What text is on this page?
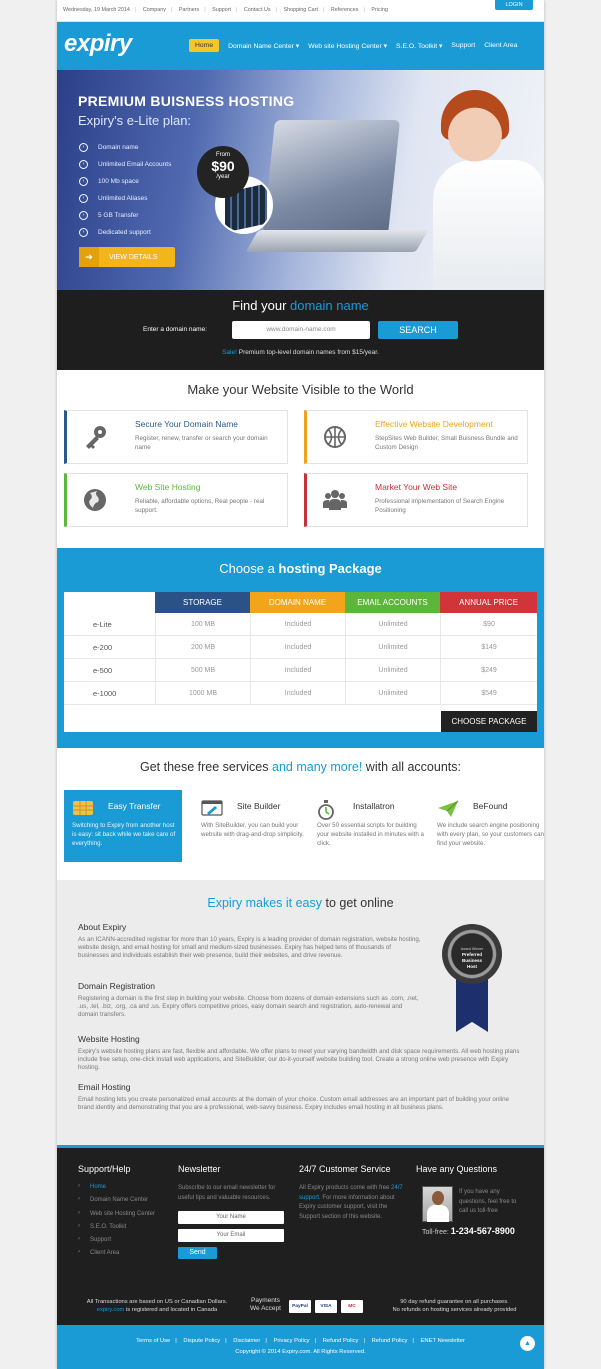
Wednesday, 19 March 2014 | Company | Partners | Support | Contact Us | Shopping Cart | References | Pricing
LOGIN
expiry	Home	Domain Name Center ▾ Web site Hosting Center ▾ S.E.O. Toolkit ▾ Support Client Area
PREMIUM BUISNESS HOSTING
Expiry's e-Lite plan:
›	Domain name
›	Unlimited Email Accounts
›	100 Mb space
›	Unlimited Aliases
›	5 GB Transfer
›	Dedicated support
From
$90
/year
➔	VIEW DETAILS
Find your domain name
Enter a domain name:	www.domain-name.com	SEARCH
Sale! Premium top-level domain names from $15/year.
Make your Website Visible to the World
Secure Your Domain Name
Register, renew, transfer or search your domain name
Effective Website Development
StepSites Web Builder, Small Buisness Bundle and Custom Design
Web Site Hosting
Reliable, affordable options, Real people - real support.
Market Your Web Site
Professional implementation of Search Engine Positioning
Choose a hosting Package
STORAGE	DOMAIN NAME	EMAIL ACCOUNTS	ANNUAL PRICE
e-Lite	100 MB	Included	Unlimited	$90
e-200	200 MB	Included	Unlimited	$149
e-500	500 MB	Included	Unlimited	$249
e-1000	1000 MB	Included	Unlimited	$549
CHOOSE PACKAGE
Get these free services and many more! with all accounts:
Easy Transfer
Switching to Expiry from another host is easy: sit back while we take care of everything.
Site Builder
With SiteBuilder, you can build your website with drag-and-drop simplicity.
Installatron
Over 50 essential scripts for building your website installed in minutes with a click.
BeFound
We include search engine positioning with every plan, so your customers can find your website.
Expiry makes it easy to get online
About Expiry

As an ICANN-accredited registrar for more than 10 years, Expiry is a leading provider of domain registration, website hosting, website design, and email hosting for small and medium-sized businesses. Expiry has helped tens of thousands of businesses and individuals establish their web presence, build their websites, and drive revenue.

Domain Registration

Registering a domain is the first step in building your website. Choose from dozens of domain extensions such as .com, .net, .us, .tel, .biz, .org, .ca and .us. Expiry offers competitive prices, easy domain search and registration, auto-renewal and domain transfers.

Website Hosting

Expiry's website hosting plans are fast, flexible and affordable. We offer plans to meet your varying bandwidth and disk space requirements. All web hosting plans include free setup, one-click install web applications, and SiteBuilder, our do-it-yourself website building tool. Create a strong online web presence with Expiry hosting.

Email Hosting

Email hosting lets you create personalized email accounts at the domain of your choice. Custom email addresses are an important part of building your online brand identity and demonstrating that you are a professional, web-savvy business. Expiry includes email hosting in all business plans.

Award Winner
Preferred
Business
Host
Support/Help
› Home
› Domain Name Center
› Web site Hosting Center
› S.E.O. Toolkit
› Support
› Client Area
Newsletter
Subscribe to our email newsletter for useful tips and valuable resources.
Your Name
Your Email
Send
24/7 Customer Service
All Expiry products come with free 24/7 support. For more information about Expiry customer support, visit the Support section of this website.
Have any Questions
If you have any questions, feel free to call us toll-free
Toll-free: 1-234-567-8900
All Transactions are based on US or Canadian Dollars.
expiry.com is registered and located in Canada
Payments
We Accept	PayPal	VISA	MC
90 day refund guarantee on all purchases.
No refunds on hosting services already provided
Terms of Use | Dispute Policy | Disclaimer | Privacy Policy | Refund Policy | Refund Policy | ENET Newsletter
Copyright © 2014 Expiry.com. All Rights Reserved.
▲
